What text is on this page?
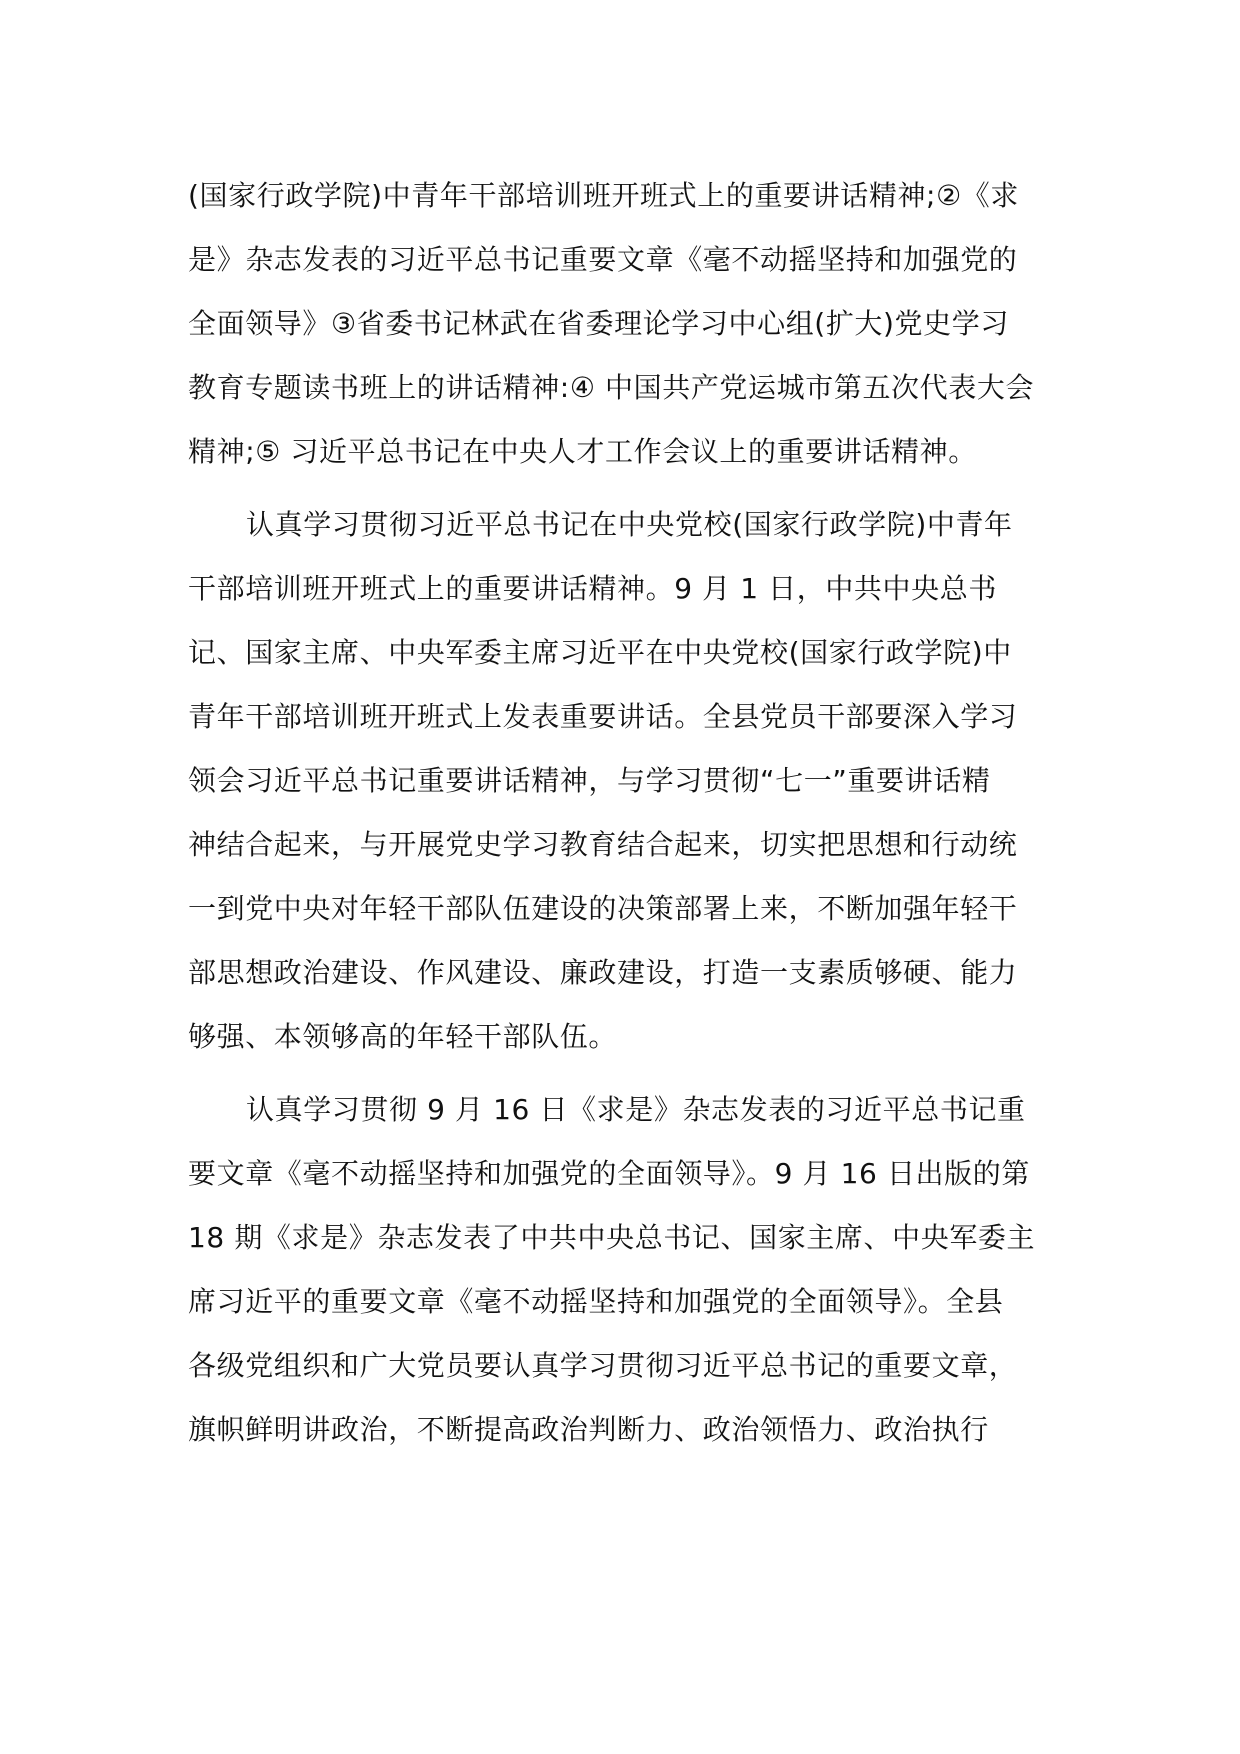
(国家行政学院)中青年干部培训班开班式上的重要讲话精神;②《求
是》杂志发表的习近平总书记重要文章《毫不动摇坚持和加强党的
全面领导》③省委书记林武在省委理论学习中心组(扩大)党史学习
教育专题读书班上的讲话精神:④ 中国共产党运城市第五次代表大会
精神;⑤ 习近平总书记在中央人才工作会议上的重要讲话精神。
认真学习贯彻习近平总书记在中央党校(国家行政学院)中青年
干部培训班开班式上的重要讲话精神。9 月 1 日，中共中央总书
记、国家主席、中央军委主席习近平在中央党校(国家行政学院)中
青年干部培训班开班式上发表重要讲话。全县党员干部要深入学习
领会习近平总书记重要讲话精神，与学习贯彻“七一”重要讲话精
神结合起来，与开展党史学习教育结合起来，切实把思想和行动统
一到党中央对年轻干部队伍建设的决策部署上来，不断加强年轻干
部思想政治建设、作风建设、廉政建设，打造一支素质够硬、能力
够强、本领够高的年轻干部队伍。
认真学习贯彻 9 月 16 日《求是》杂志发表的习近平总书记重
要文章《毫不动摇坚持和加强党的全面领导》。9 月 16 日出版的第
18 期《求是》杂志发表了中共中央总书记、国家主席、中央军委主
席习近平的重要文章《毫不动摇坚持和加强党的全面领导》。全县
各级党组织和广大党员要认真学习贯彻习近平总书记的重要文章，
旗帜鲜明讲政治，不断提高政治判断力、政治领悟力、政治执行
